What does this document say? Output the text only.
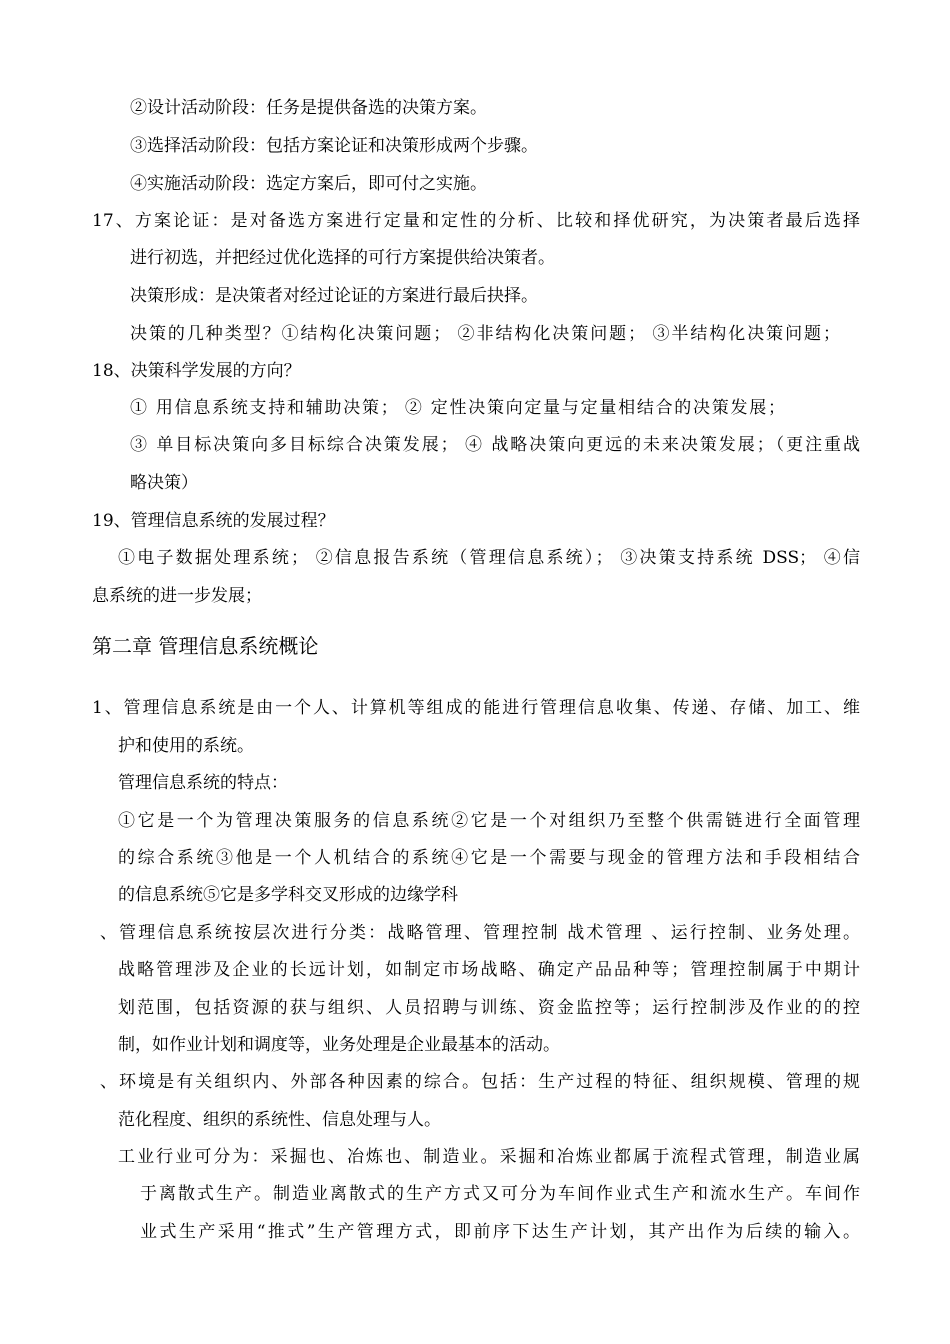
②设计活动阶段：任务是提供备选的决策方案。
③选择活动阶段：包括方案论证和决策形成两个步骤。
④实施活动阶段：选定方案后，即可付之实施。
17、方案论证：是对备选方案进行定量和定性的分析、比较和择优研究，为决策者最后选择
进行初选，并把经过优化选择的可行方案提供给决策者。
决策形成：是决策者对经过论证的方案进行最后抉择。
决策的几种类型？①结构化决策问题； ②非结构化决策问题； ③半结构化决策问题；
18、决策科学发展的方向？
① 用信息系统支持和辅助决策； ② 定性决策向定量与定量相结合的决策发展；
③ 单目标决策向多目标综合决策发展； ④ 战略决策向更远的未来决策发展；（更注重战
略决策）
19、管理信息系统的发展过程？
①电子数据处理系统； ②信息报告系统（管理信息系统）； ③决策支持系统 DSS； ④信
息系统的进一步发展；
第二章 管理信息系统概论
1、管理信息系统是由一个人、计算机等组成的能进行管理信息收集、传递、存储、加工、维
护和使用的系统。
管理信息系统的特点：
①它是一个为管理决策服务的信息系统②它是一个对组织乃至整个供需链进行全面管理
的综合系统③他是一个人机结合的系统④它是一个需要与现金的管理方法和手段相结合
的信息系统⑤它是多学科交叉形成的边缘学科
、管理信息系统按层次进行分类：战略管理、管理控制 战术管理 、运行控制、业务处理。
战略管理涉及企业的长远计划，如制定市场战略、确定产品品种等；管理控制属于中期计
划范围，包括资源的获与组织、人员招聘与训练、资金监控等；运行控制涉及作业的的控
制，如作业计划和调度等，业务处理是企业最基本的活动。
、环境是有关组织内、外部各种因素的综合。包括：生产过程的特征、组织规模、管理的规
范化程度、组织的系统性、信息处理与人。
工业行业可分为：采掘也、冶炼也、制造业。采掘和冶炼业都属于流程式管理，制造业属
于离散式生产。制造业离散式的生产方式又可分为车间作业式生产和流水生产。车间作
业式生产采用“推式”生产管理方式，即前序下达生产计划，其产出作为后续的输入。
